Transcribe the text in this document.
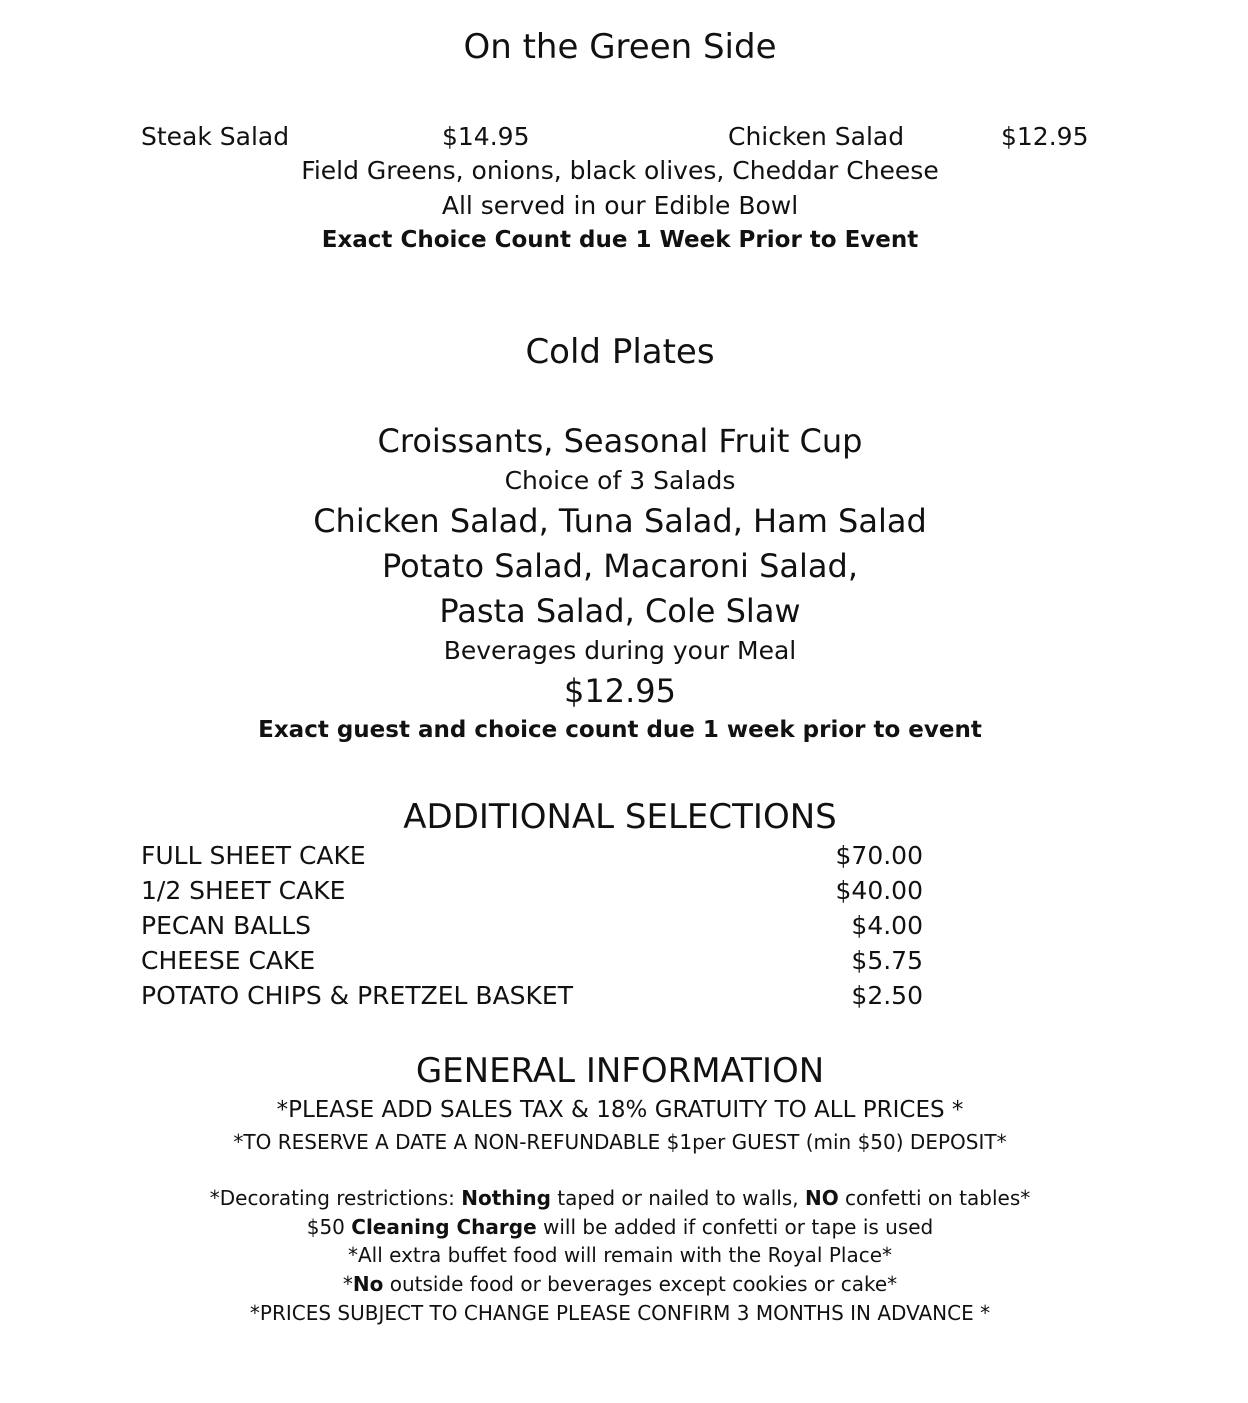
On the Green Side
Steak Salad	$14.95	Chicken Salad	$12.95
Field Greens, onions, black olives, Cheddar Cheese
All served in our Edible Bowl
Exact Choice Count due 1 Week Prior to Event
Cold Plates
Croissants, Seasonal Fruit Cup
Choice of 3 Salads
Chicken Salad, Tuna Salad, Ham Salad
Potato Salad, Macaroni Salad,
Pasta Salad, Cole Slaw
Beverages during your Meal
$12.95
Exact guest and choice count due 1 week prior to event
ADDITIONAL SELECTIONS
FULL SHEET CAKE	$70.00
1/2 SHEET CAKE	$40.00
PECAN BALLS	$4.00
CHEESE CAKE	$5.75
POTATO CHIPS & PRETZEL BASKET	$2.50
GENERAL INFORMATION
*PLEASE ADD SALES TAX & 18% GRATUITY TO ALL PRICES *
*TO RESERVE A DATE A NON-REFUNDABLE $1per GUEST (min $50) DEPOSIT*
*Decorating restrictions: Nothing taped or nailed to walls, NO confetti on tables*
$50 Cleaning Charge will be added if confetti or tape is used
*All extra buffet food will remain with the Royal Place*
*No outside food or beverages except cookies or cake*
*PRICES SUBJECT TO CHANGE PLEASE CONFIRM 3 MONTHS IN ADVANCE *
